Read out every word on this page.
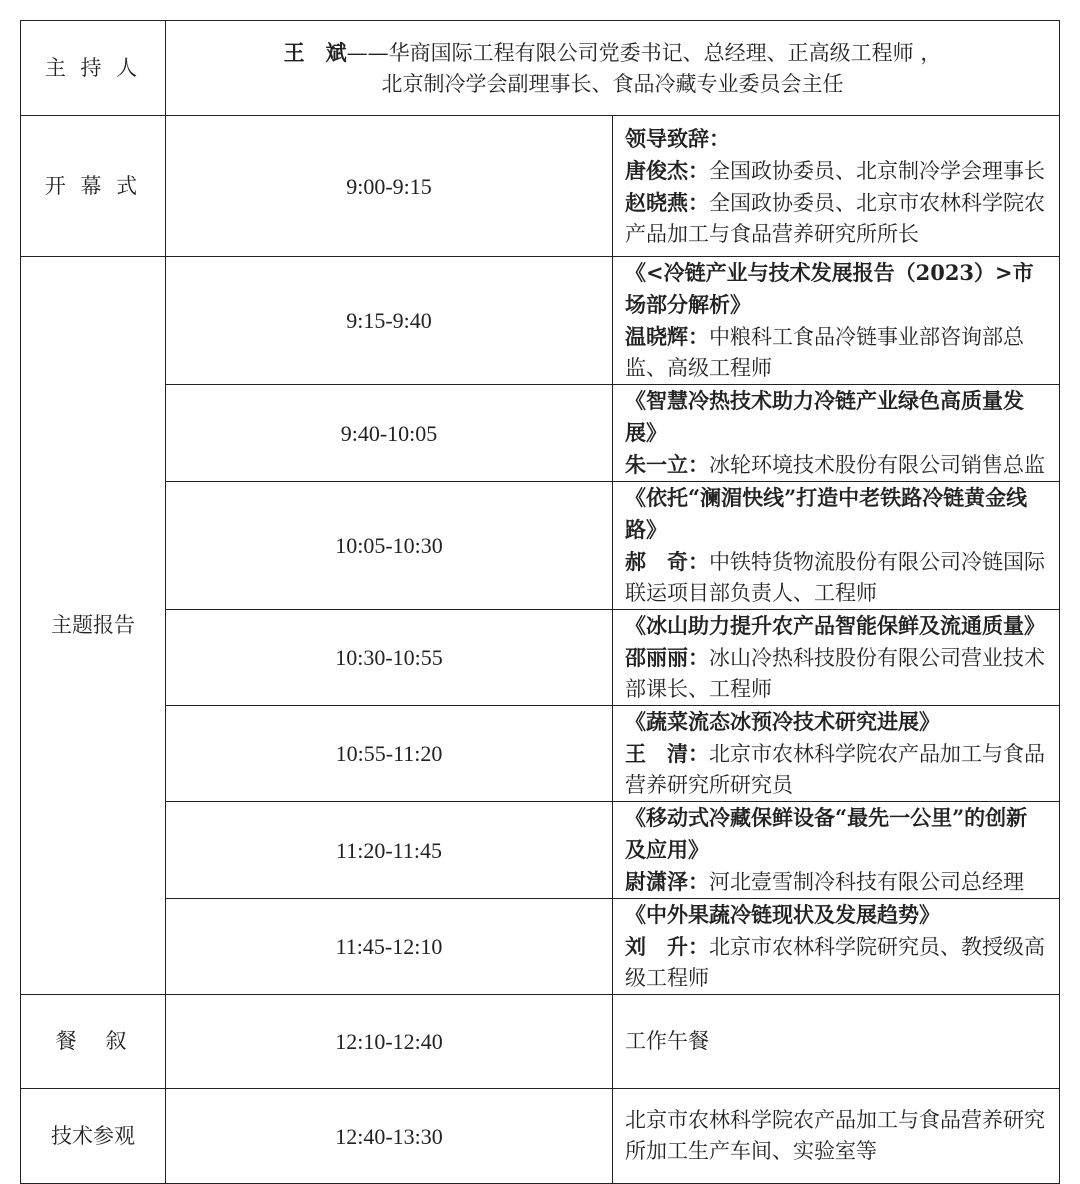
主 持 人	王　斌——华商国际工程有限公司党委书记、总经理、正高级工程师 ，
北京制冷学会副理事长、食品冷藏专业委员会主任	
开 幕 式	9:00-9:15	领导致辞：
唐俊杰：全国政协委员、北京制冷学会理事长
赵晓燕：全国政协委员、北京市农林科学院农产品加工与食品营养研究所所长
主题报告	9:15-9:40	《<冷链产业与技术发展报告（2023）>市场部分解析》
温晓辉：中粮科工食品冷链事业部咨询部总监、高级工程师
	9:40-10:05	《智慧冷热技术助力冷链产业绿色高质量发展》
朱一立：冰轮环境技术股份有限公司销售总监
	10:05-10:30	《依托“澜湄快线”打造中老铁路冷链黄金线路》
郝　奇：中铁特货物流股份有限公司冷链国际联运项目部负责人、工程师
	10:30-10:55	《冰山助力提升农产品智能保鲜及流通质量》
邵丽丽：冰山冷热科技股份有限公司营业技术部课长、工程师
	10:55-11:20	《蔬菜流态冰预冷技术研究进展》
王　清：北京市农林科学院农产品加工与食品营养研究所研究员
	11:20-11:45	《移动式冷藏保鲜设备“最先一公里”的创新及应用》
尉潇泽：河北壹雪制冷科技有限公司总经理
	11:45-12:10	《中外果蔬冷链现状及发展趋势》
刘　升：北京市农林科学院研究员、教授级高级工程师
餐　叙	12:10-12:40	工作午餐
技术参观	12:40-13:30	北京市农林科学院农产品加工与食品营养研究所加工生产车间、实验室等
